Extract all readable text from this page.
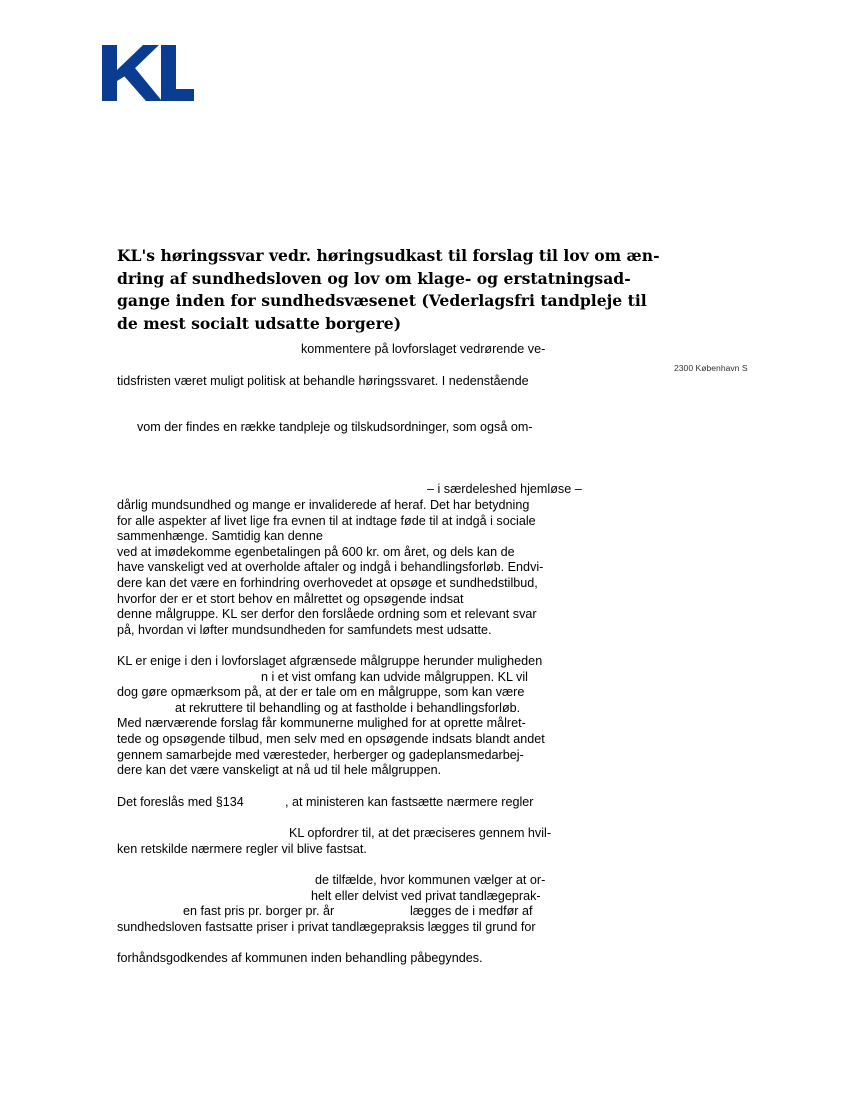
KL's høringssvar vedr. høringsudkast til forslag til lov om æn-
dring af sundhedsloven og lov om klage- og erstatningsad-
gange inden for sundhedsvæsenet (Vederlagsfri tandpleje til
de mest socialt udsatte borgere)
2300 København S

kommentere på lovforslaget vedrørende ve-

tidsfristen været muligt politisk at behandle høringssvaret. I nedenstående

vom der findes en række tandpleje og tilskudsordninger, som også om-

– i særdeleshed hjemløse –

dårlig mundsundhed og mange er invaliderede af heraf. Det har betydning

for alle aspekter af livet lige fra evnen til at indtage føde til at indgå i sociale

sammenhænge. Samtidig kan denne

ved at imødekomme egenbetalingen på 600 kr. om året, og dels kan de

have vanskeligt ved at overholde aftaler og indgå i behandlingsforløb. Endvi-

dere kan det være en forhindring overhovedet at opsøge et sundhedstilbud,

hvorfor der er et stort behov en målrettet og opsøgende indsat

denne målgruppe. KL ser derfor den forslåede ordning som et relevant svar

på, hvordan vi løfter mundsundheden for samfundets mest udsatte.

KL er enige i den i lovforslaget afgrænsede målgruppe herunder muligheden

n i et vist omfang kan udvide målgruppen. KL vil

dog gøre opmærksom på, at der er tale om en målgruppe, som kan være

at rekruttere til behandling og at fastholde i behandlingsforløb.

Med nærværende forslag får kommunerne mulighed for at oprette målret-

tede og opsøgende tilbud, men selv med en opsøgende indsats blandt andet

gennem samarbejde med væresteder, herberger og gadeplansmedarbej-

dere kan det være vanskeligt at nå ud til hele målgruppen.

Det foreslås med §134	, at ministeren kan fastsætte nærmere regler

KL opfordrer til, at det præciseres gennem hvil-

ken retskilde nærmere regler vil blive fastsat.

de tilfælde, hvor kommunen vælger at or-

helt eller delvist ved privat tandlægeprak-

en fast pris pr. borger pr. år	lægges de i medfør af

sundhedsloven fastsatte priser i privat tandlægepraksis lægges til grund for

forhåndsgodkendes af kommunen inden behandling påbegyndes.
